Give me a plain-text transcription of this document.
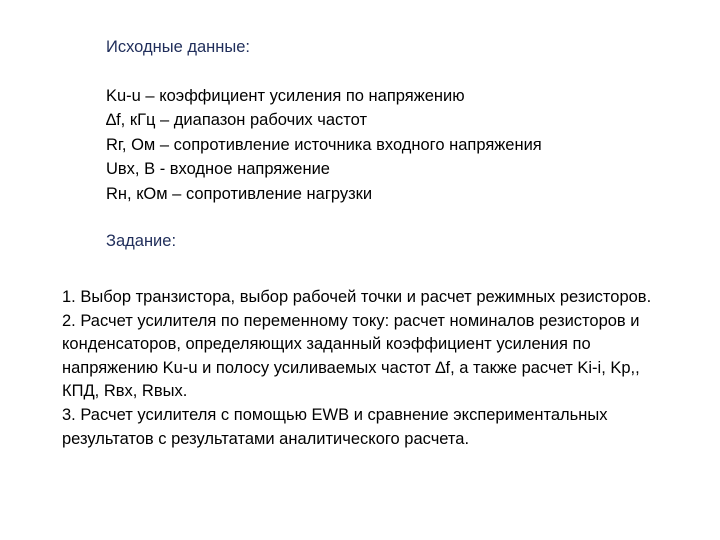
Исходные данные:
Ku-u – коэффициент усиления по напряжению
∆f, кГц – диапазон рабочих частот
Rг, Ом – сопротивление источника входного напряжения
Uвх, В - входное напряжение
Rн, кОм – сопротивление нагрузки
Задание:
1. Выбор транзистора, выбор рабочей точки и расчет режимных резисторов.
2. Расчет усилителя по переменному току: расчет номиналов резисторов и конденсаторов, определяющих заданный коэффициент усиления по напряжению Ku-u и полосу усиливаемых частот ∆f, а также расчет Ki-i, Kp,, КПД, Rвх, Rвых.
3. Расчет усилителя с помощью EWB и сравнение экспериментальных результатов с результатами аналитического расчета.
